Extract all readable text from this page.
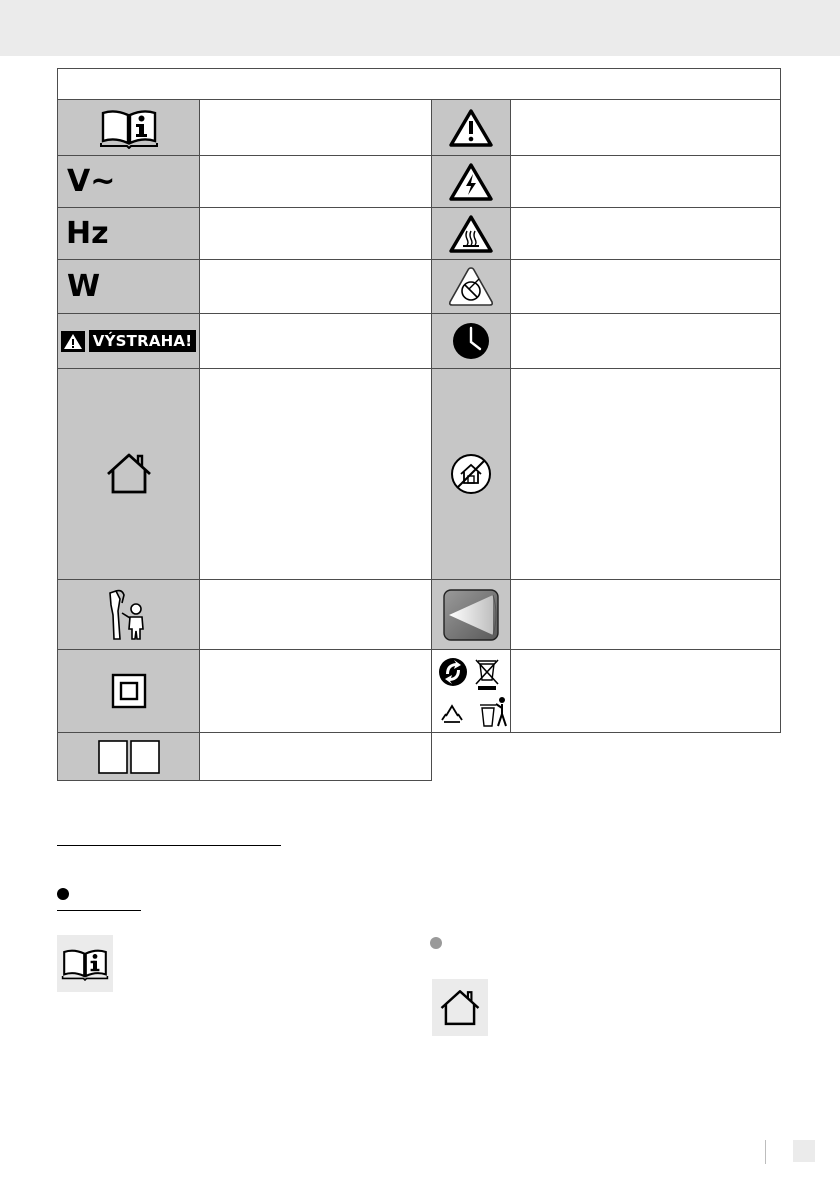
V~
Hz
W
VÝSTRAHA!
